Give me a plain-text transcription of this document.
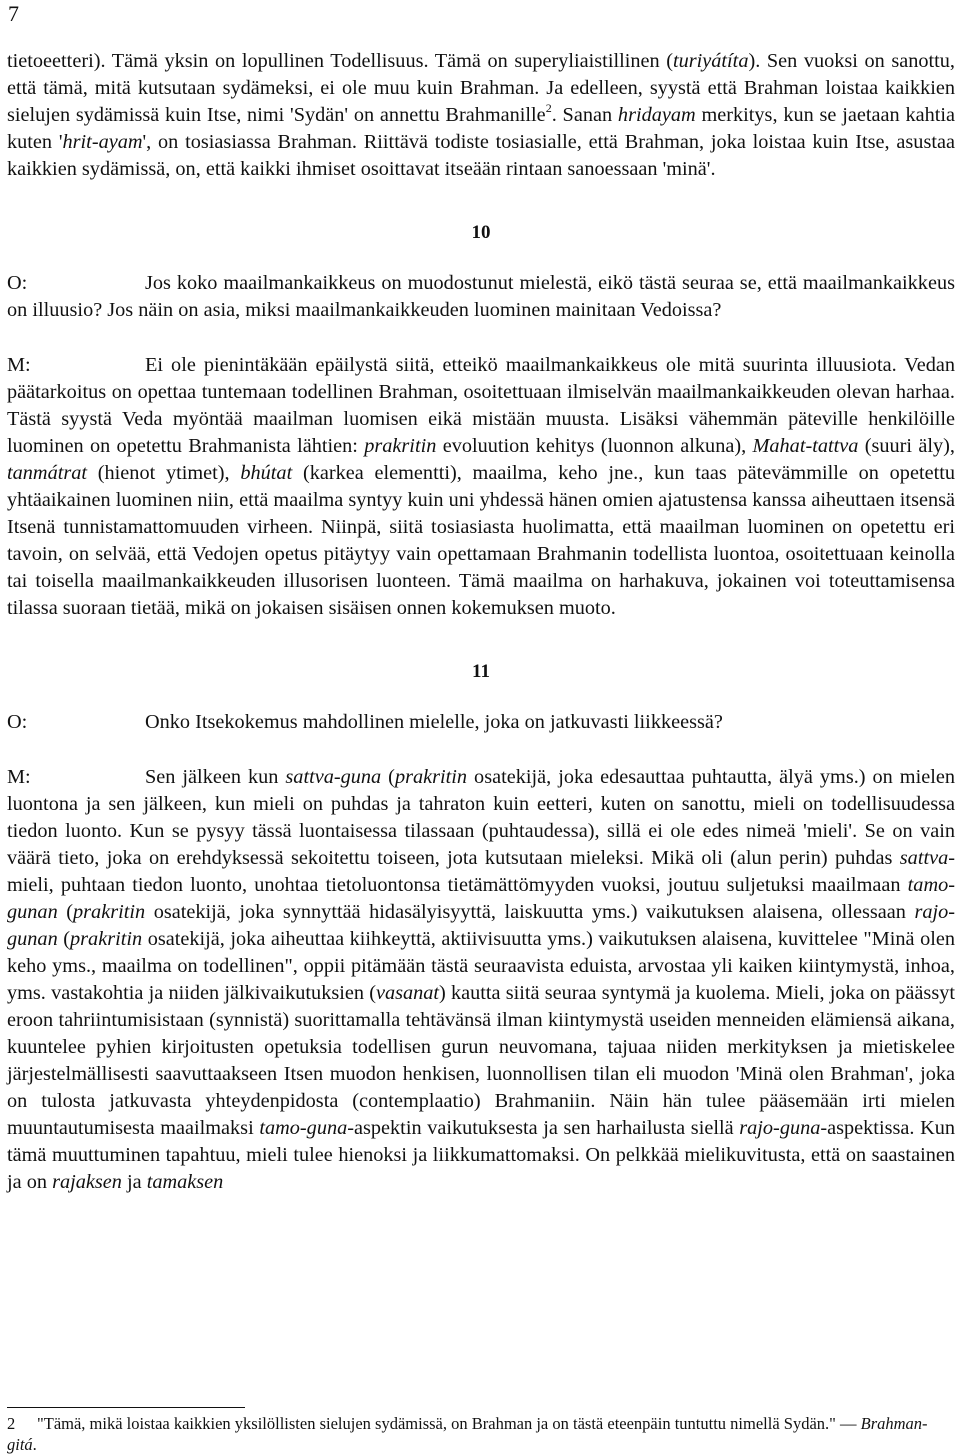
7

tietoeetteri). Tämä yksin on lopullinen Todellisuus. Tämä on superyliaistillinen (turiyátíta). Sen vuoksi on sanottu, että tämä, mitä kutsutaan sydämeksi, ei ole muu kuin Brahman. Ja edelleen, syystä että Brahman loistaa kaikkien sielujen sydämissä kuin Itse, nimi 'Sydän' on annettu Brahmanille$^2$. Sanan hridayam merkitys, kun se jaetaan kahtia kuten 'hrit-ayam', on tosiasiassa Brahman. Riittävä todiste tosiasialle, että Brahman, joka loistaa kuin Itse, asustaa kaikkien sydämissä, on, että kaikki ihmiset osoittavat itseään rintaan sanoessaan 'minä'.

10

O:	Jos koko maailmankaikkeus on muodostunut mielestä, eikö tästä seuraa se, että maailmankaikkeus on illuusio? Jos näin on asia, miksi maailmankaikkeuden luominen mainitaan Vedoissa?

M:	Ei ole pienintäkään epäilystä siitä, etteikö maailmankaikkeus ole mitä suurinta illuusiota. Vedan päätarkoitus on opettaa tuntemaan todellinen Brahman, osoitettuaan ilmiselvän maailmankaikkeuden olevan harhaa. Tästä syystä Veda myöntää maailman luomisen eikä mistään muusta. Lisäksi vähemmän päteville henkilöille luominen on opetettu Brahmanista lähtien: prakritin evoluution kehitys (luonnon alkuna), Mahat-tattva (suuri äly), tanmátrat (hienot ytimet), bhútat (karkea elementti), maailma, keho jne., kun taas pätevämmille on opetettu yhtäaikainen luominen niin, että maailma syntyy kuin uni yhdessä hänen omien ajatustensa kanssa aiheuttaen itsensä Itsenä tunnistamattomuuden virheen. Niinpä, siitä tosiasiasta huolimatta, että maailman luominen on opetettu eri tavoin, on selvää, että Vedojen opetus pitäytyy vain opettamaan Brahmanin todellista luontoa, osoitettuaan keinolla tai toisella maailmankaikkeuden illusorisen luonteen. Tämä maailma on harhakuva, jokainen voi toteuttamisensa tilassa suoraan tietää, mikä on jokaisen sisäisen onnen kokemuksen muoto.

11

O:	Onko Itsekokemus mahdollinen mielelle, joka on jatkuvasti liikkeessä?

M:	Sen jälkeen kun sattva-guna (prakritin osatekijä, joka edesauttaa puhtautta, älyä yms.) on mielen luontona ja sen jälkeen, kun mieli on puhdas ja tahraton kuin eetteri, kuten on sanottu, mieli on todellisuudessa tiedon luonto. Kun se pysyy tässä luontaisessa tilassaan (puhtaudessa), sillä ei ole edes nimeä 'mieli'. Se on vain väärä tieto, joka on erehdyksessä sekoitettu toiseen, jota kutsutaan mieleksi. Mikä oli (alun perin) puhdas sattva-mieli, puhtaan tiedon luonto, unohtaa tietoluontonsa tietämättömyyden vuoksi, joutuu suljetuksi maailmaan tamo-gunan (prakritin osatekijä, joka synnyttää hidasälyisyyttä, laiskuutta yms.) vaikutuksen alaisena, ollessaan rajo-gunan (prakritin osatekijä, joka aiheuttaa kiihkeyttä, aktiivisuutta yms.) vaikutuksen alaisena, kuvittelee "Minä olen keho yms., maailma on todellinen", oppii pitämään tästä seuraavista eduista, arvostaa yli kaiken kiintymystä, inhoa, yms. vastakohtia ja niiden jälkivaikutuksien (vasanat) kautta siitä seuraa syntymä ja kuolema. Mieli, joka on päässyt eroon tahriintumisistaan (synnistä) suorittamalla tehtävänsä ilman kiintymystä useiden menneiden elämiensä aikana, kuuntelee pyhien kirjoitusten opetuksia todellisen gurun neuvomana, tajuaa niiden merkityksen ja mietiskelee järjestelmällisesti saavuttaakseen Itsen muodon henkisen, luonnollisen tilan eli muodon 'Minä olen Brahman', joka on tulosta jatkuvasta yhteydenpidosta (contemplaatio) Brahmaniin. Näin hän tulee pääsemään irti mielen muuntautumisesta maailmaksi tamo-guna-aspektin vaikutuksesta ja sen harhailusta siellä rajo-guna-aspektissa. Kun tämä muuttuminen tapahtuu, mieli tulee hienoksi ja liikkumattomaksi. On pelkkää mielikuvitusta, että on saastainen ja on rajaksen ja tamaksen

2 "Tämä, mikä loistaa kaikkien yksilöllisten sielujen sydämissä, on Brahman ja on tästä eteenpäin tuntuttu nimellä Sydän." — Brahman-gitá.
